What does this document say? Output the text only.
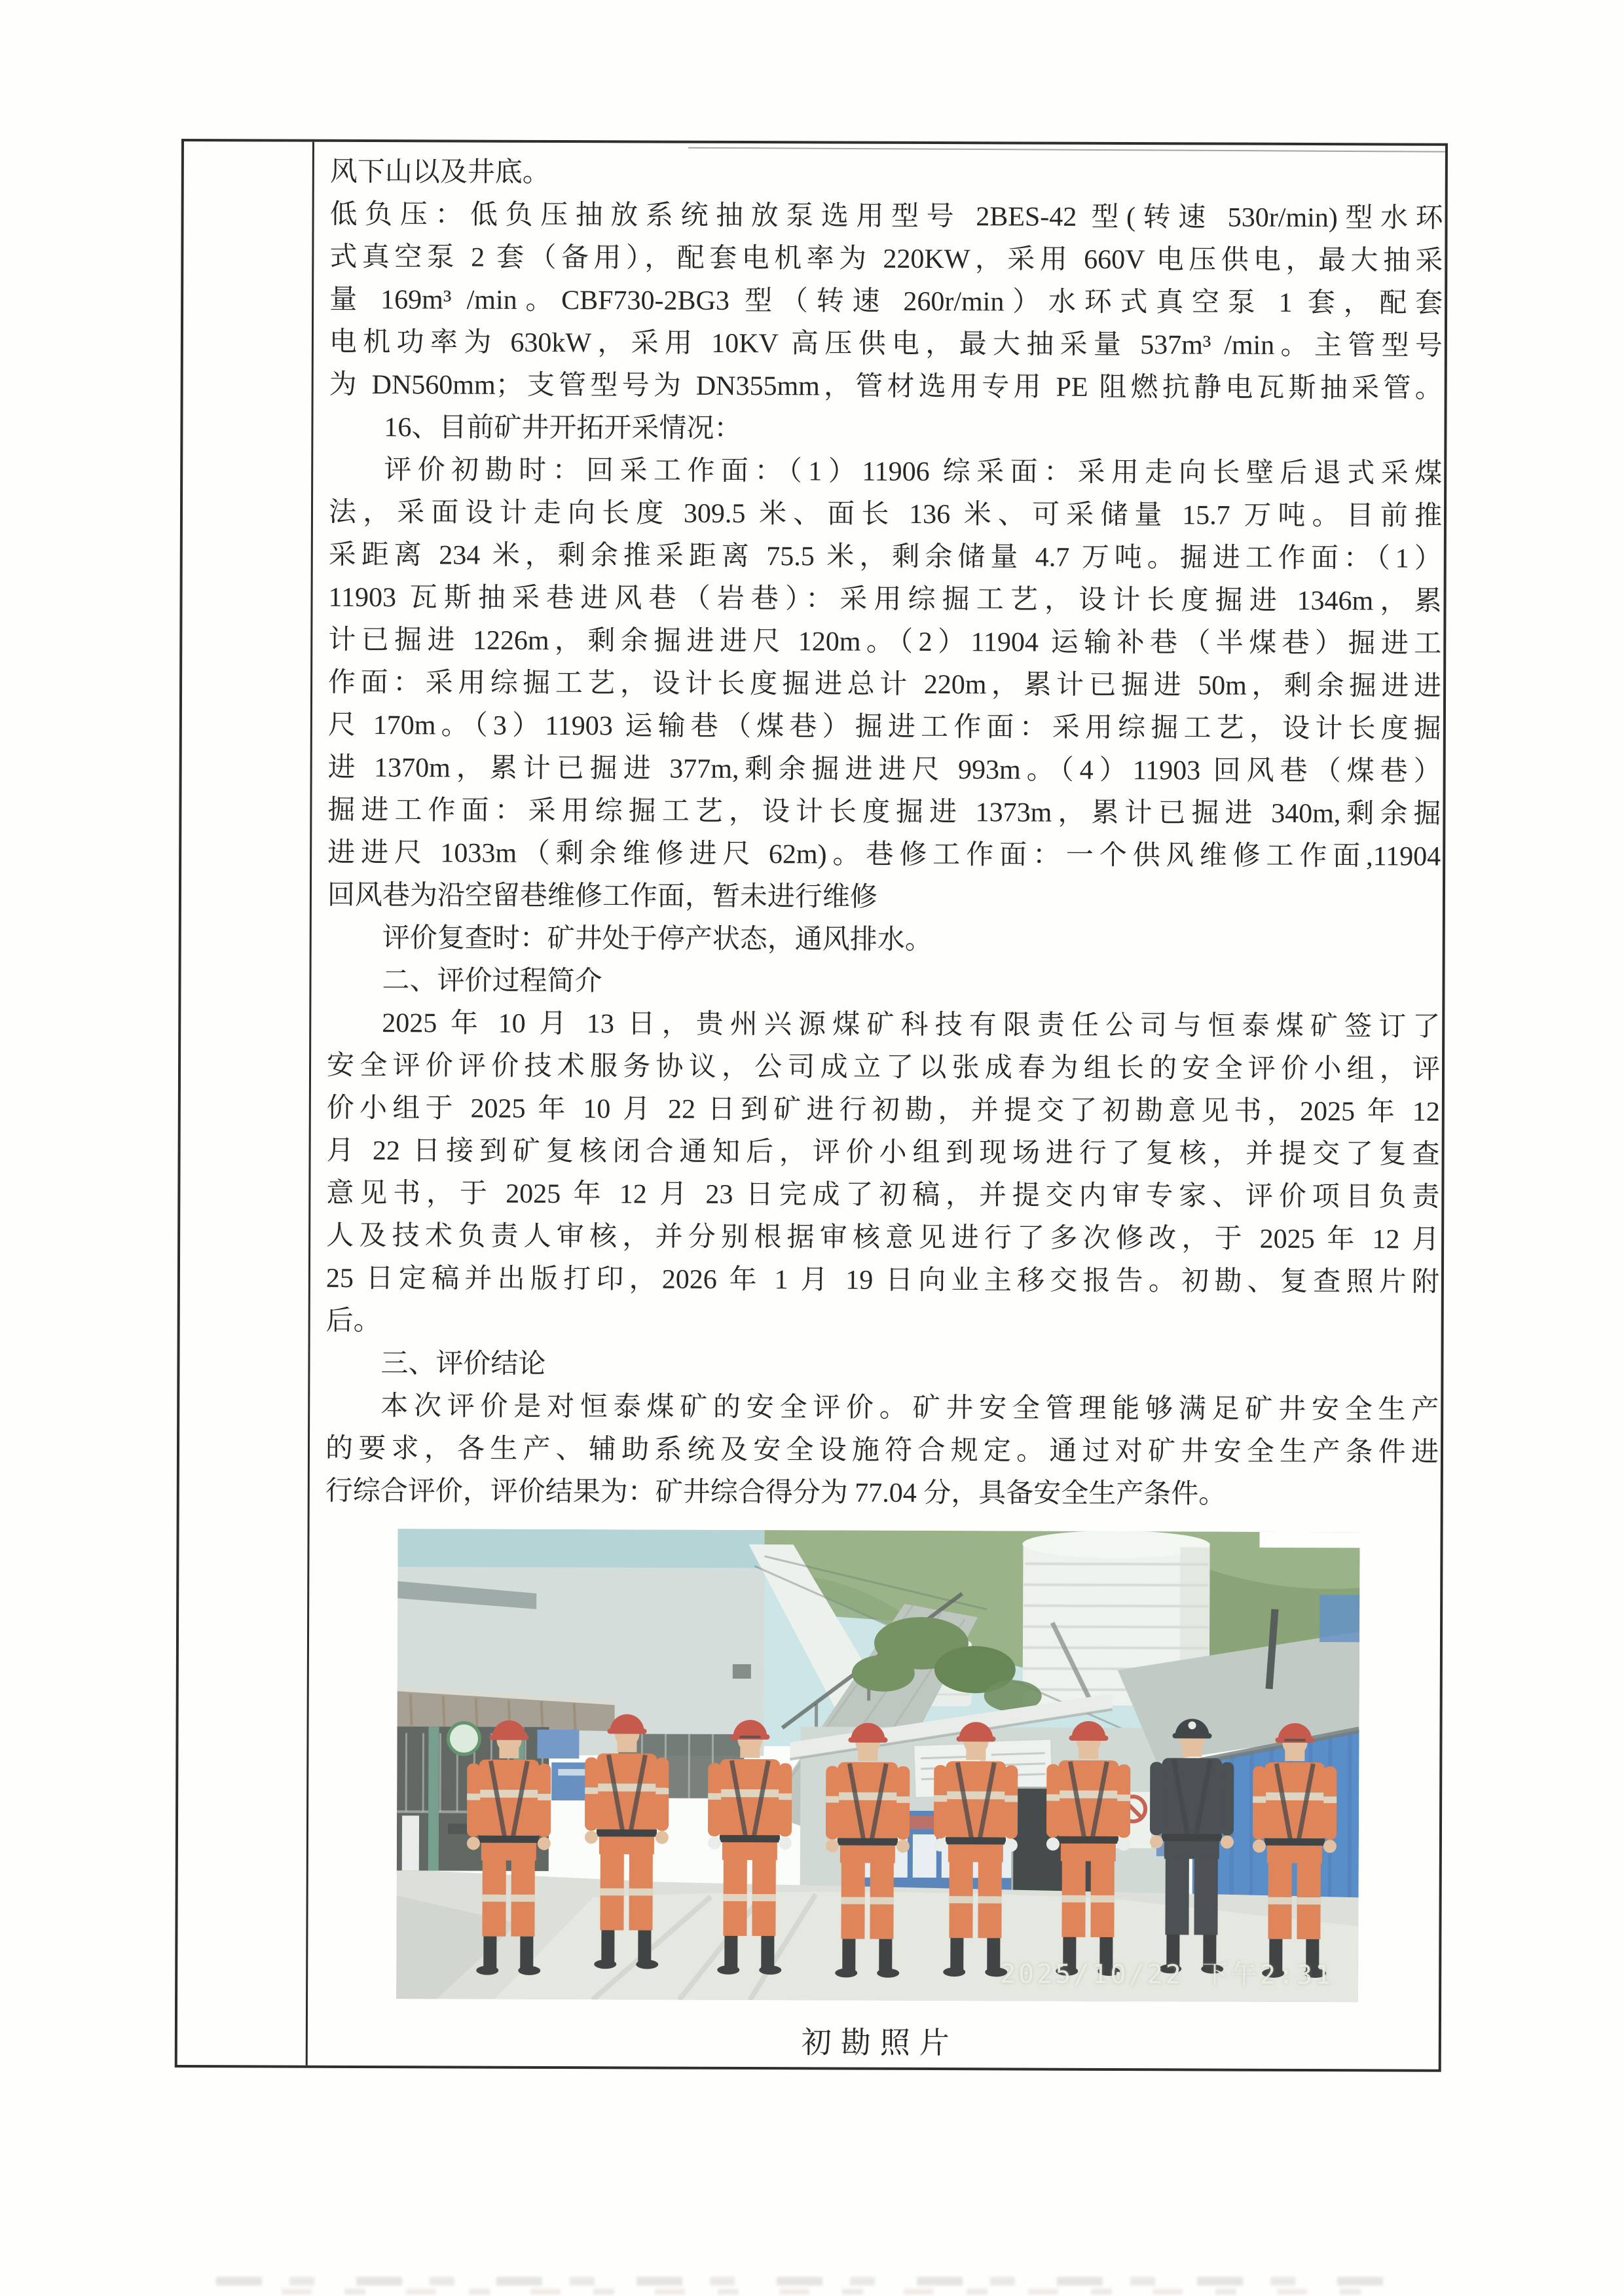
风下山以及井底。
低负压：低负压抽放系统抽放泵选用型号 2BES-42 型(转速 530r/min)型水环
式真空泵 2 套（备用），配套电机率为 220KW，采用 660V 电压供电，最大抽采
量 169m³ /min。CBF730-2BG3 型（转速 260r/min）水环式真空泵 1 套，配套
电机功率为 630kW，采用 10KV 高压供电，最大抽采量 537m³ /min。主管型号
为 DN560mm；支管型号为 DN355mm，管材选用专用 PE 阻燃抗静电瓦斯抽采管。
16、目前矿井开拓开采情况：
评价初勘时：回采工作面：（1）11906 综采面：采用走向长壁后退式采煤
法，采面设计走向长度 309.5 米、面长 136 米、可采储量 15.7 万吨。目前推
采距离 234 米，剩余推采距离 75.5 米，剩余储量 4.7 万吨。掘进工作面：（1）
11903 瓦斯抽采巷进风巷（岩巷）：采用综掘工艺，设计长度掘进 1346m，累
计已掘进 1226m，剩余掘进进尺 120m。（2）11904 运输补巷（半煤巷）掘进工
作面：采用综掘工艺，设计长度掘进总计 220m，累计已掘进 50m，剩余掘进进
尺 170m。（3）11903 运输巷（煤巷）掘进工作面：采用综掘工艺，设计长度掘
进 1370m，累计已掘进 377m,剩余掘进进尺 993m。（4）11903 回风巷（煤巷）
掘进工作面：采用综掘工艺，设计长度掘进 1373m，累计已掘进 340m,剩余掘
进进尺 1033m（剩余维修进尺 62m)。巷修工作面：一个供风维修工作面,11904
回风巷为沿空留巷维修工作面，暂未进行维修
评价复查时：矿井处于停产状态，通风排水。
二、评价过程简介
2025 年 10 月 13 日，贵州兴源煤矿科技有限责任公司与恒泰煤矿签订了
安全评价评价技术服务协议，公司成立了以张成春为组长的安全评价小组，评
价小组于 2025 年 10 月 22 日到矿进行初勘，并提交了初勘意见书，2025 年 12
月 22 日接到矿复核闭合通知后，评价小组到现场进行了复核，并提交了复查
意见书，于 2025 年 12 月 23 日完成了初稿，并提交内审专家、评价项目负责
人及技术负责人审核，并分别根据审核意见进行了多次修改，于 2025 年 12 月
25 日定稿并出版打印，2026 年 1 月 19 日向业主移交报告。初勘、复查照片附
后。
三、评价结论
本次评价是对恒泰煤矿的安全评价。矿井安全管理能够满足矿井安全生产
的要求，各生产、辅助系统及安全设施符合规定。通过对矿井安全生产条件进
行综合评价，评价结果为：矿井综合得分为 77.04 分，具备安全生产条件。
2025/10/22 下午2:31
初勘照片
